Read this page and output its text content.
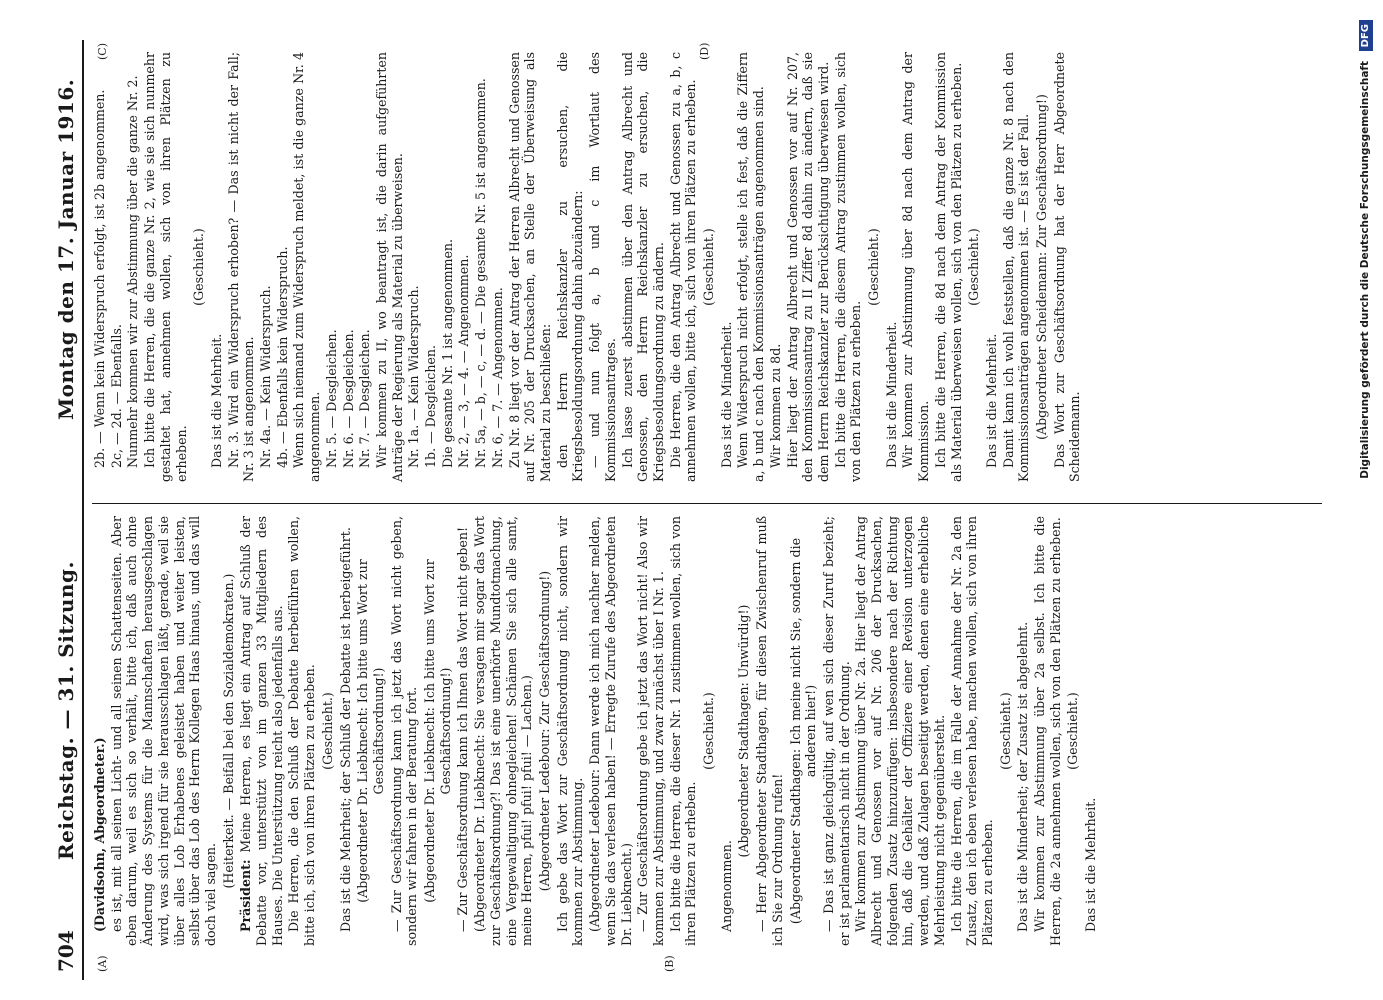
704
Reichstag. — 31. Sitzung.
Montag den 17. Januar 1916.
(A)	(B)
(C)	(D)

(Davidsohn, Abgeordneter.) es ist, mit all seinen Licht- und all seinen Schattenseiten. Aber eben darum, weil es sich so verhält, bitte ich, daß auch ohne Änderung des Systems für die Mannschaften herausgeschlagen wird, was sich irgend für sie herausschlagen läßt, gerade, weil sie über alles Lob Erhabenes geleistet haben und weiter leisten, selbst über das Lob des Herrn Kollegen Haas hinaus, und das will doch viel sagen.

(Heiterkeit. — Beifall bei den Sozialdemokraten.)

Präsident: Meine Herren, es liegt ein Antrag auf Schluß der Debatte vor, unterstützt von im ganzen 33 Mitgliedern des Hauses. Die Unterstützung reicht also jedenfalls aus. Die Herren, die den Schluß der Debatte herbeiführen wollen, bitte ich, sich von ihren Plätzen zu erheben. (Geschieht.) Das ist die Mehrheit; der Schluß der Debatte ist herbeigeführt. (Abgeordneter Dr. Liebknecht: Ich bitte ums Wort zur Geschäftsordnung!) — Zur Geschäftsordnung kann ich jetzt das Wort nicht geben, sondern wir fahren in der Beratung fort. (Abgeordneter Dr. Liebknecht: Ich bitte ums Wort zur Geschäftsordnung!) — Zur Geschäftsordnung kann ich Ihnen das Wort nicht geben! (Abgeordneter Dr. Liebknecht: Sie versagen mir sogar das Wort zur Geschäftsordnung?! Das ist eine unerhörte Mundtotmachung, eine Vergewaltigung ohnegleichen! Schämen Sie sich alle samt, meine Herren, pfui! pfui! pfui! — Lachen.) (Abgeordneter Ledebour: Zur Geschäftsordnung!) Ich gebe das Wort zur Geschäftsordnung nicht, sondern wir kommen zur Abstimmung. (Abgeordneter Ledebour: Dann werde ich mich nachher melden, wenn Sie das verlesen haben! — Erregte Zurufe des Abgeordneten Dr. Liebknecht.) — Zur Geschäftsordnung gebe ich jetzt das Wort nicht! Also wir kommen zur Abstimmung, und zwar zunächst über I Nr. 1. Ich bitte die Herren, die dieser Nr. 1 zustimmen wollen, sich von ihren Plätzen zu erheben.

(Geschieht.)

Angenommen.

(Abgeordneter Stadthagen: Unwürdig!) — Herr Abgeordneter Stadthagen, für diesen Zwischenruf muß ich Sie zur Ordnung rufen! (Abgeordneter Stadthagen: Ich meine nicht Sie, sondern die anderen hier!) — Das ist ganz gleichgültig, auf wen sich dieser Zuruf bezieht; er ist parlamentarisch nicht in der Ordnung. Wir kommen zur Abstimmung über Nr. 2a. Hier liegt der Antrag Albrecht und Genossen vor auf Nr. 206 der Drucksachen, folgenden Zusatz hinzuzufügen: insbesondere nach der Richtung hin, daß die Gehälter der Offiziere einer Revision unterzogen werden, und daß Zulagen beseitigt werden, denen eine erhebliche Mehrleistung nicht gegenübersteht. Ich bitte die Herren, die im Falle der Annahme der Nr. 2a den Zusatz, den ich eben verlesen habe, machen wollen, sich von ihren Plätzen zu erheben.

(Geschieht.) Das ist die Minderheit; der Zusatz ist abgelehnt. Wir kommen zur Abstimmung über 2a selbst. Ich bitte die Herren, die 2a annehmen wollen, sich von den Plätzen zu erheben. (Geschieht.)

Das ist die Mehrheit.

2b. — Wenn kein Widerspruch erfolgt, ist 2b angenommen. 2c, — 2d. — Ebenfalls. Nunmehr kommen wir zur Abstimmung über die ganze Nr. 2. Ich bitte die Herren, die die ganze Nr. 2, wie sie sich nunmehr gestaltet hat, annehmen wollen, sich von ihren Plätzen zu erheben.

(Geschieht.)

Das ist die Mehrheit. Nr. 3. Wird ein Widerspruch erhoben? — Das ist nicht der Fall; Nr. 3 ist angenommen. Nr. 4a. — Kein Widerspruch. 4b. — Ebenfalls kein Widerspruch. Wenn sich niemand zum Widerspruch meldet, ist die ganze Nr. 4 angenommen. Nr. 5. — Desgleichen. Nr. 6. — Desgleichen. Nr. 7. — Desgleichen. Wir kommen zu II, wo beantragt ist, die darin aufgeführten Anträge der Regierung als Material zu überweisen. Nr. 1a. — Kein Widerspruch. 1b. — Desgleichen. Die gesamte Nr. 1 ist angenommen. Nr. 2, — 3, — 4. — Angenommen. Nr. 5a, — b, — c, — d. — Die gesamte Nr. 5 ist angenommen. Nr. 6, — 7. — Angenommen. Zu Nr. 8 liegt vor der Antrag der Herren Albrecht und Genossen auf Nr. 205 der Drucksachen, an Stelle der Überweisung als Material zu beschließen: den Herrn Reichskanzler zu ersuchen, die Kriegsbesoldungsordnung dahin abzuändern: — und nun folgt a, b und c im Wortlaut des Kommissionsantrages. Ich lasse zuerst abstimmen über den Antrag Albrecht und Genossen, den Herrn Reichskanzler zu ersuchen, die Kriegsbesoldungsordnung zu ändern. Die Herren, die den Antrag Albrecht und Genossen zu a, b, c annehmen wollen, bitte ich, sich von ihren Plätzen zu erheben. (Geschieht.)

Das ist die Minderheit. Wenn Widerspruch nicht erfolgt, stelle ich fest, daß die Ziffern a, b und c nach den Kommissionsanträgen angenommen sind. Wir kommen zu 8d. Hier liegt der Antrag Albrecht und Genossen vor auf Nr. 207, den Kommissionsantrag zu II Ziffer 8d dahin zu ändern, daß sie dem Herrn Reichskanzler zur Berücksichtigung überwiesen wird. Ich bitte die Herren, die diesem Antrag zustimmen wollen, sich von den Plätzen zu erheben.

(Geschieht.)

Das ist die Minderheit. Wir kommen zur Abstimmung über 8d nach dem Antrag der Kommission. Ich bitte die Herren, die 8d nach dem Antrag der Kommission als Material überweisen wollen, sich von den Plätzen zu erheben. (Geschieht.)

Das ist die Mehrheit. Damit kann ich wohl feststellen, daß die ganze Nr. 8 nach den Kommissionsanträgen angenommen ist. — Es ist der Fall. (Abgeordneter Scheidemann: Zur Geschäftsordnung!) Das Wort zur Geschäftsordnung hat der Herr Abgeordnete Scheidemann.	Digitalisierung gefördert durch die Deutsche Forschungsgemeinschaft DFG
